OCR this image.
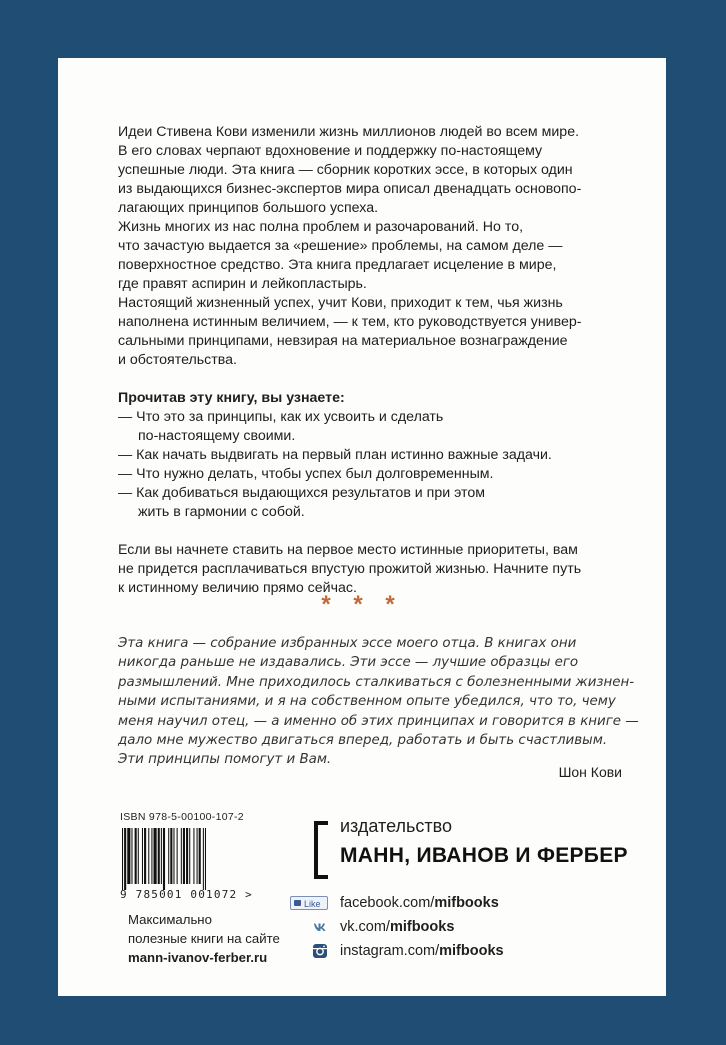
Идеи Стивена Кови изменили жизнь миллионов людей во всем мире.

В его словах черпают вдохновение и поддержку по-настоящему

успешные люди. Эта книга — сборник коротких эссе, в которых один

из выдающихся бизнес-экспертов мира описал двенадцать основопо-

лагающих принципов большого успеха.

Жизнь многих из нас полна проблем и разочарований. Но то,

что зачастую выдается за «решение» проблемы, на самом деле —

поверхностное средство. Эта книга предлагает исцеление в мире,

где правят аспирин и лейкопластырь.

Настоящий жизненный успех, учит Кови, приходит к тем, чья жизнь

наполнена истинным величием, — к тем, кто руководствуется универ-

сальными принципами, невзирая на материальное вознаграждение

и обстоятельства.

Прочитав эту книгу, вы узнаете:

— Что это за принципы, как их усвоить и сделать

по-настоящему своими.

— Как начать выдвигать на первый план истинно важные задачи.

— Что нужно делать, чтобы успех был долговременным.

— Как добиваться выдающихся результатов и при этом

жить в гармонии с собой.

Если вы начнете ставить на первое место истинные приоритеты, вам

не придется расплачиваться впустую прожитой жизнью. Начните путь

к истинному величию прямо сейчас.

* * *

Эта книга — собрание избранных эссе моего отца. В книгах они

никогда раньше не издавались. Эти эссе — лучшие образцы его

размышлений. Мне приходилось сталкиваться с болезненными жизнен-

ными испытаниями, и я на собственном опыте убедился, что то, чему

меня научил отец, — а именно об этих принципах и говорится в книге —

дало мне мужество двигаться вперед, работать и быть счастливым.

Эти принципы помогут и Вам.

Шон Кови
ISBN 978-5-00100-107-2
9 785001 001072 >
Максимально
полезные книги на сайте
mann-ivanov-ferber.ru
издательство
МАНН, ИВАНОВ И ФЕРБЕР
Like	facebook.com/mifbooks
vk.com/mifbooks
instagram.com/mifbooks
